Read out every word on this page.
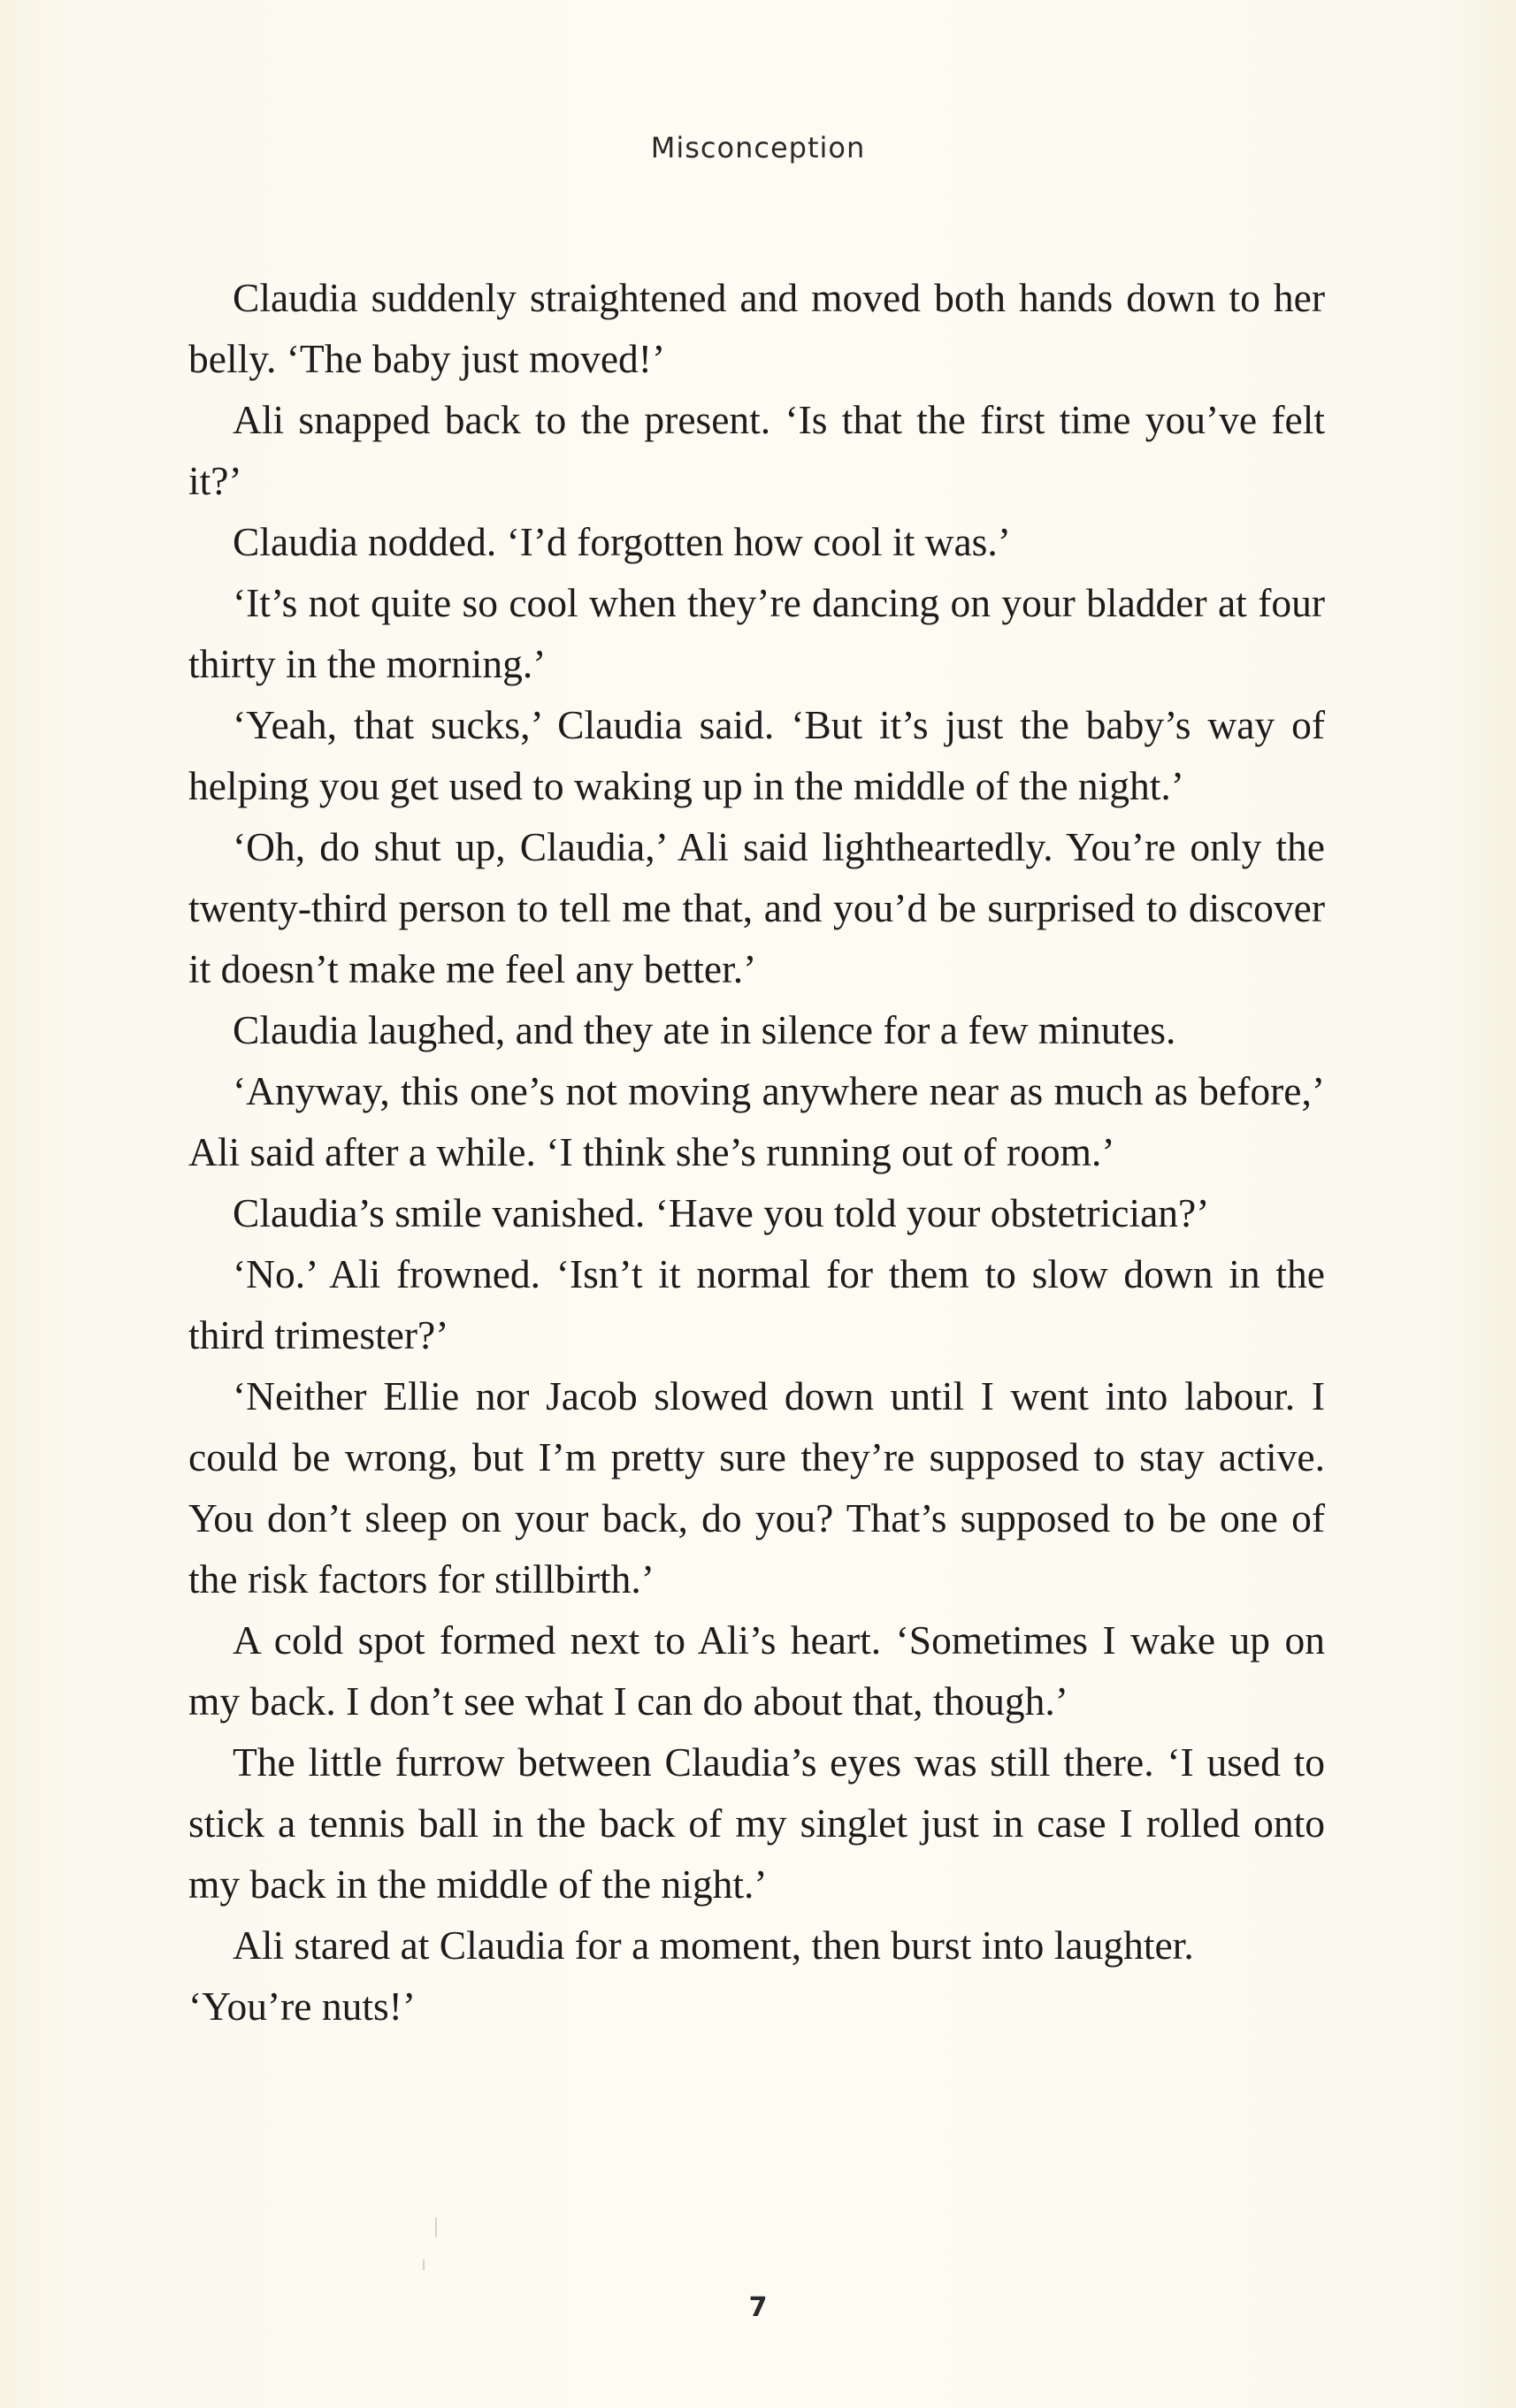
Misconception

Claudia suddenly straightened and moved both hands down to her belly. ‘The baby just moved!’

Ali snapped back to the present. ‘Is that the first time you’ve felt it?’

Claudia nodded. ‘I’d forgotten how cool it was.’

‘It’s not quite so cool when they’re dancing on your bladder at four thirty in the morning.’

‘Yeah, that sucks,’ Claudia said. ‘But it’s just the baby’s way of helping you get used to waking up in the middle of the night.’

‘Oh, do shut up, Claudia,’ Ali said lightheartedly. You’re only the twenty-third person to tell me that, and you’d be surprised to discover it doesn’t make me feel any better.’

Claudia laughed, and they ate in silence for a few minutes.

‘Anyway, this one’s not moving anywhere near as much as before,’ Ali said after a while. ‘I think she’s running out of room.’

Claudia’s smile vanished. ‘Have you told your obstetrician?’

‘No.’ Ali frowned. ‘Isn’t it normal for them to slow down in the third trimester?’

‘Neither Ellie nor Jacob slowed down until I went into labour. I could be wrong, but I’m pretty sure they’re supposed to stay active. You don’t sleep on your back, do you? That’s supposed to be one of the risk factors for stillbirth.’

A cold spot formed next to Ali’s heart. ‘Sometimes I wake up on my back. I don’t see what I can do about that, though.’

The little furrow between Claudia’s eyes was still there. ‘I used to stick a tennis ball in the back of my singlet just in case I rolled onto my back in the middle of the night.’

Ali stared at Claudia for a moment, then burst into laughter. ‘You’re nuts!’

7
